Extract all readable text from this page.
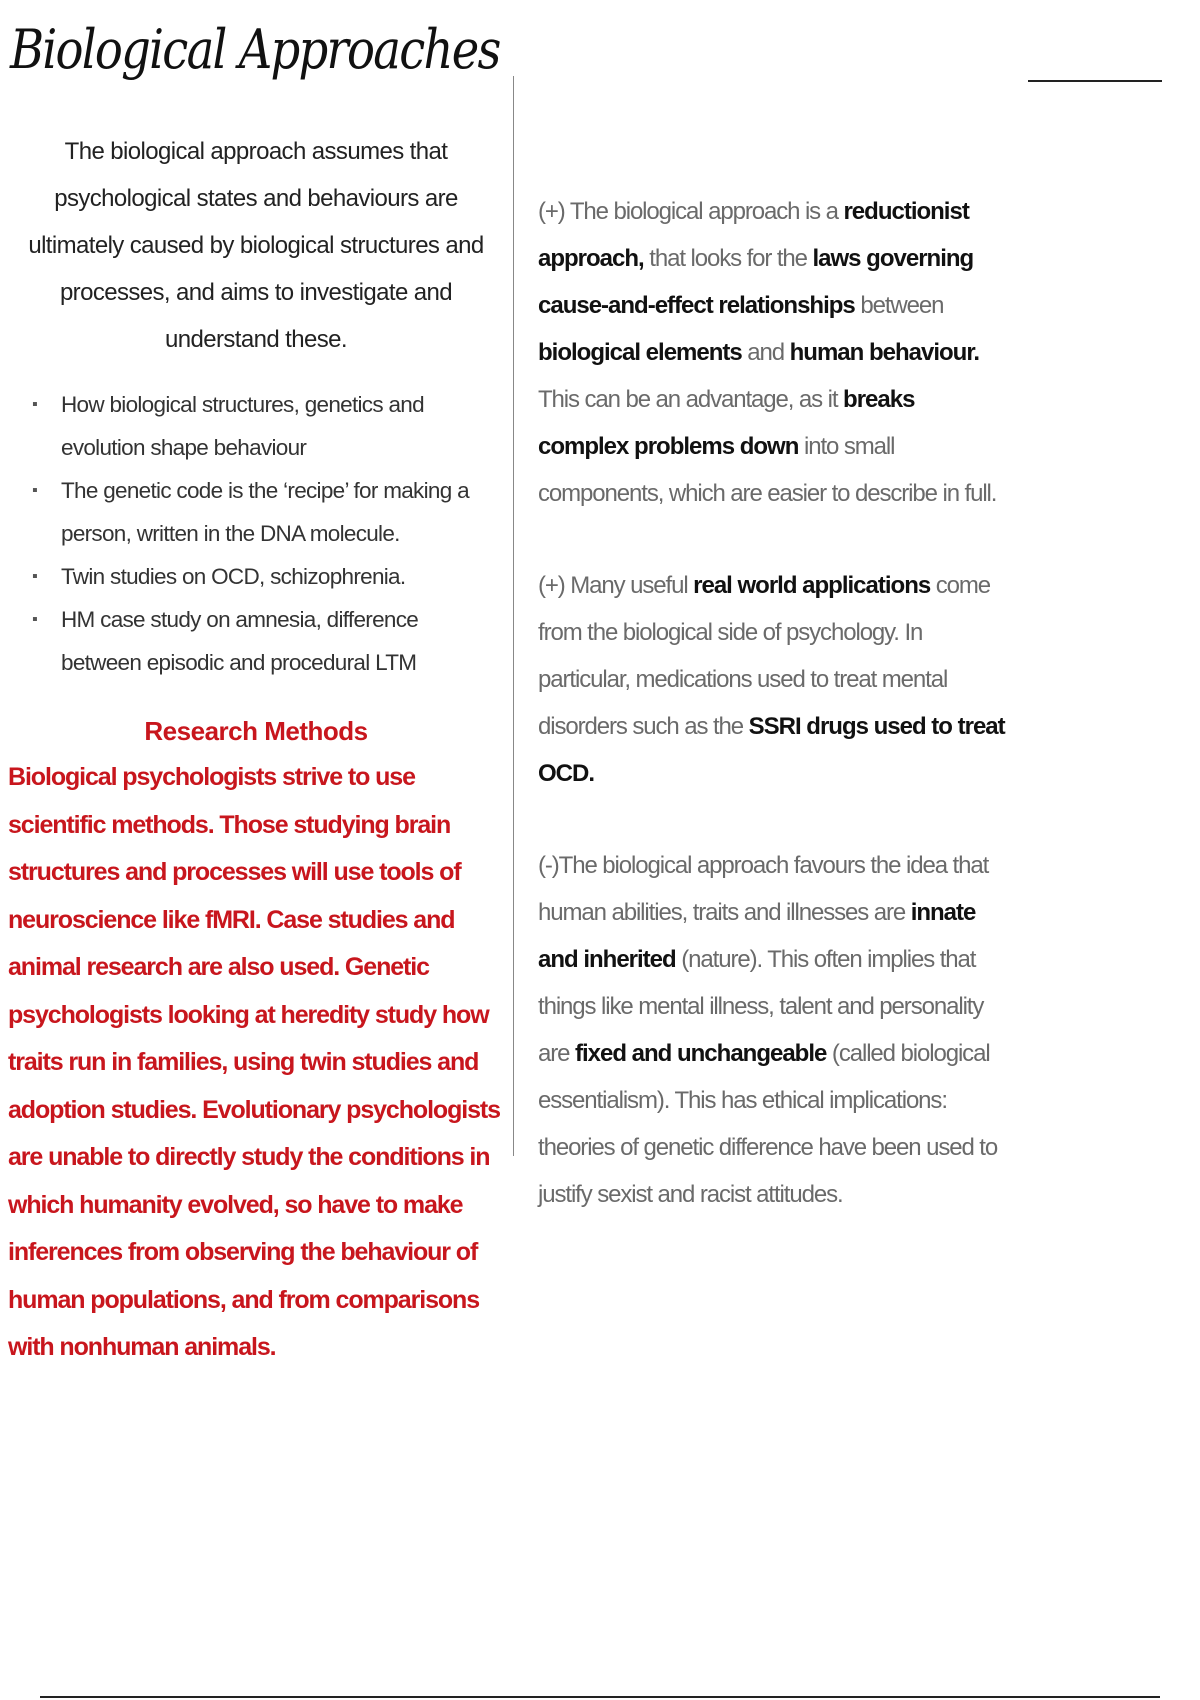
Biological Approaches

The biological approach assumes that psychological states and behaviours are ultimately caused by biological structures and processes, and aims to investigate and understand these.

▪ How biological structures, genetics and evolution shape behaviour
▪ The genetic code is the ‘recipe’ for making a person, written in the DNA molecule.
▪ Twin studies on OCD, schizophrenia.
▪ HM case study on amnesia, difference between episodic and procedural LTM
Research Methods

Biological psychologists strive to use scientific methods. Those studying brain structures and processes will use tools of neuroscience like fMRI. Case studies and animal research are also used. Genetic psychologists looking at heredity study how traits run in families, using twin studies and adoption studies. Evolutionary psychologists are unable to directly study the conditions in which humanity evolved, so have to make inferences from observing the behaviour of human populations, and from comparisons with nonhuman animals.

(+) The biological approach is a reductionist approach, that looks for the laws governing cause-and-effect relationships between biological elements and human behaviour. This can be an advantage, as it breaks complex problems down into small components, which are easier to describe in full.

(+) Many useful real world applications come from the biological side of psychology. In particular, medications used to treat mental disorders such as the SSRI drugs used to treat OCD.

(-)The biological approach favours the idea that human abilities, traits and illnesses are innate and inherited (nature). This often implies that things like mental illness, talent and personality are fixed and unchangeable (called biological essentialism). This has ethical implications: theories of genetic difference have been used to justify sexist and racist attitudes.
